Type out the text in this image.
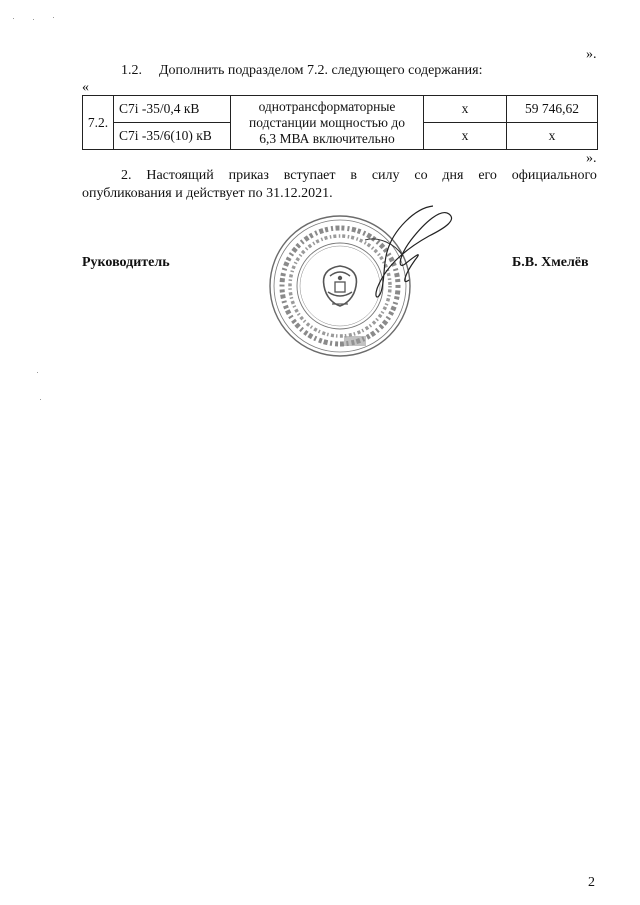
».
1.2. Дополнить подразделом 7.2. следующего содержания:
«
7.2.	C7i -35/0,4 кВ	однотрансформаторные
подстанции мощностью до
6,3 МВА включительно	х	59 746,62
	C7i -35/6(10) кВ		х	х
».
2. Настоящий приказ вступает в силу со дня его официального
опубликования и действует по 31.12.2021.
Руководитель	Б.В. Хмелёв
2
